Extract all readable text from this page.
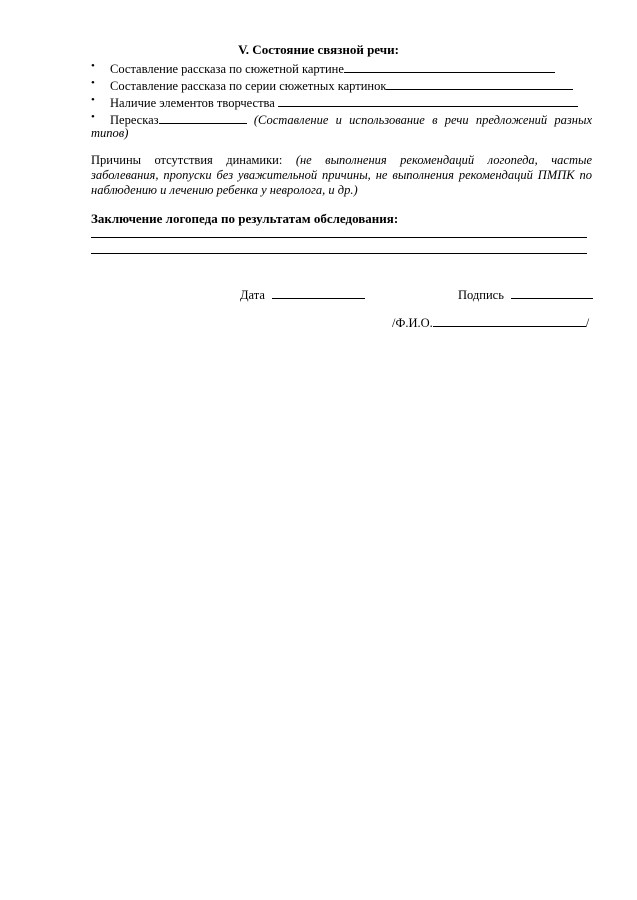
V. Состояние связной речи:
• Составление рассказа по сюжетной картине
• Составление рассказа по серии сюжетных картинок
• Наличие элементов творчества
• Пересказ	(Составление и использование в речи предложений разных
типов)
Причины отсутствия динамики: (не выполнения рекомендаций логопеда, частые
заболевания, пропуски без уважительной причины, не выполнения рекомендаций ПМПК по
наблюдению и лечению ребенка у невролога, и др.)
Заключение логопеда по результатам обследования:
Дата	Подпись
/Ф.И.О.	/
